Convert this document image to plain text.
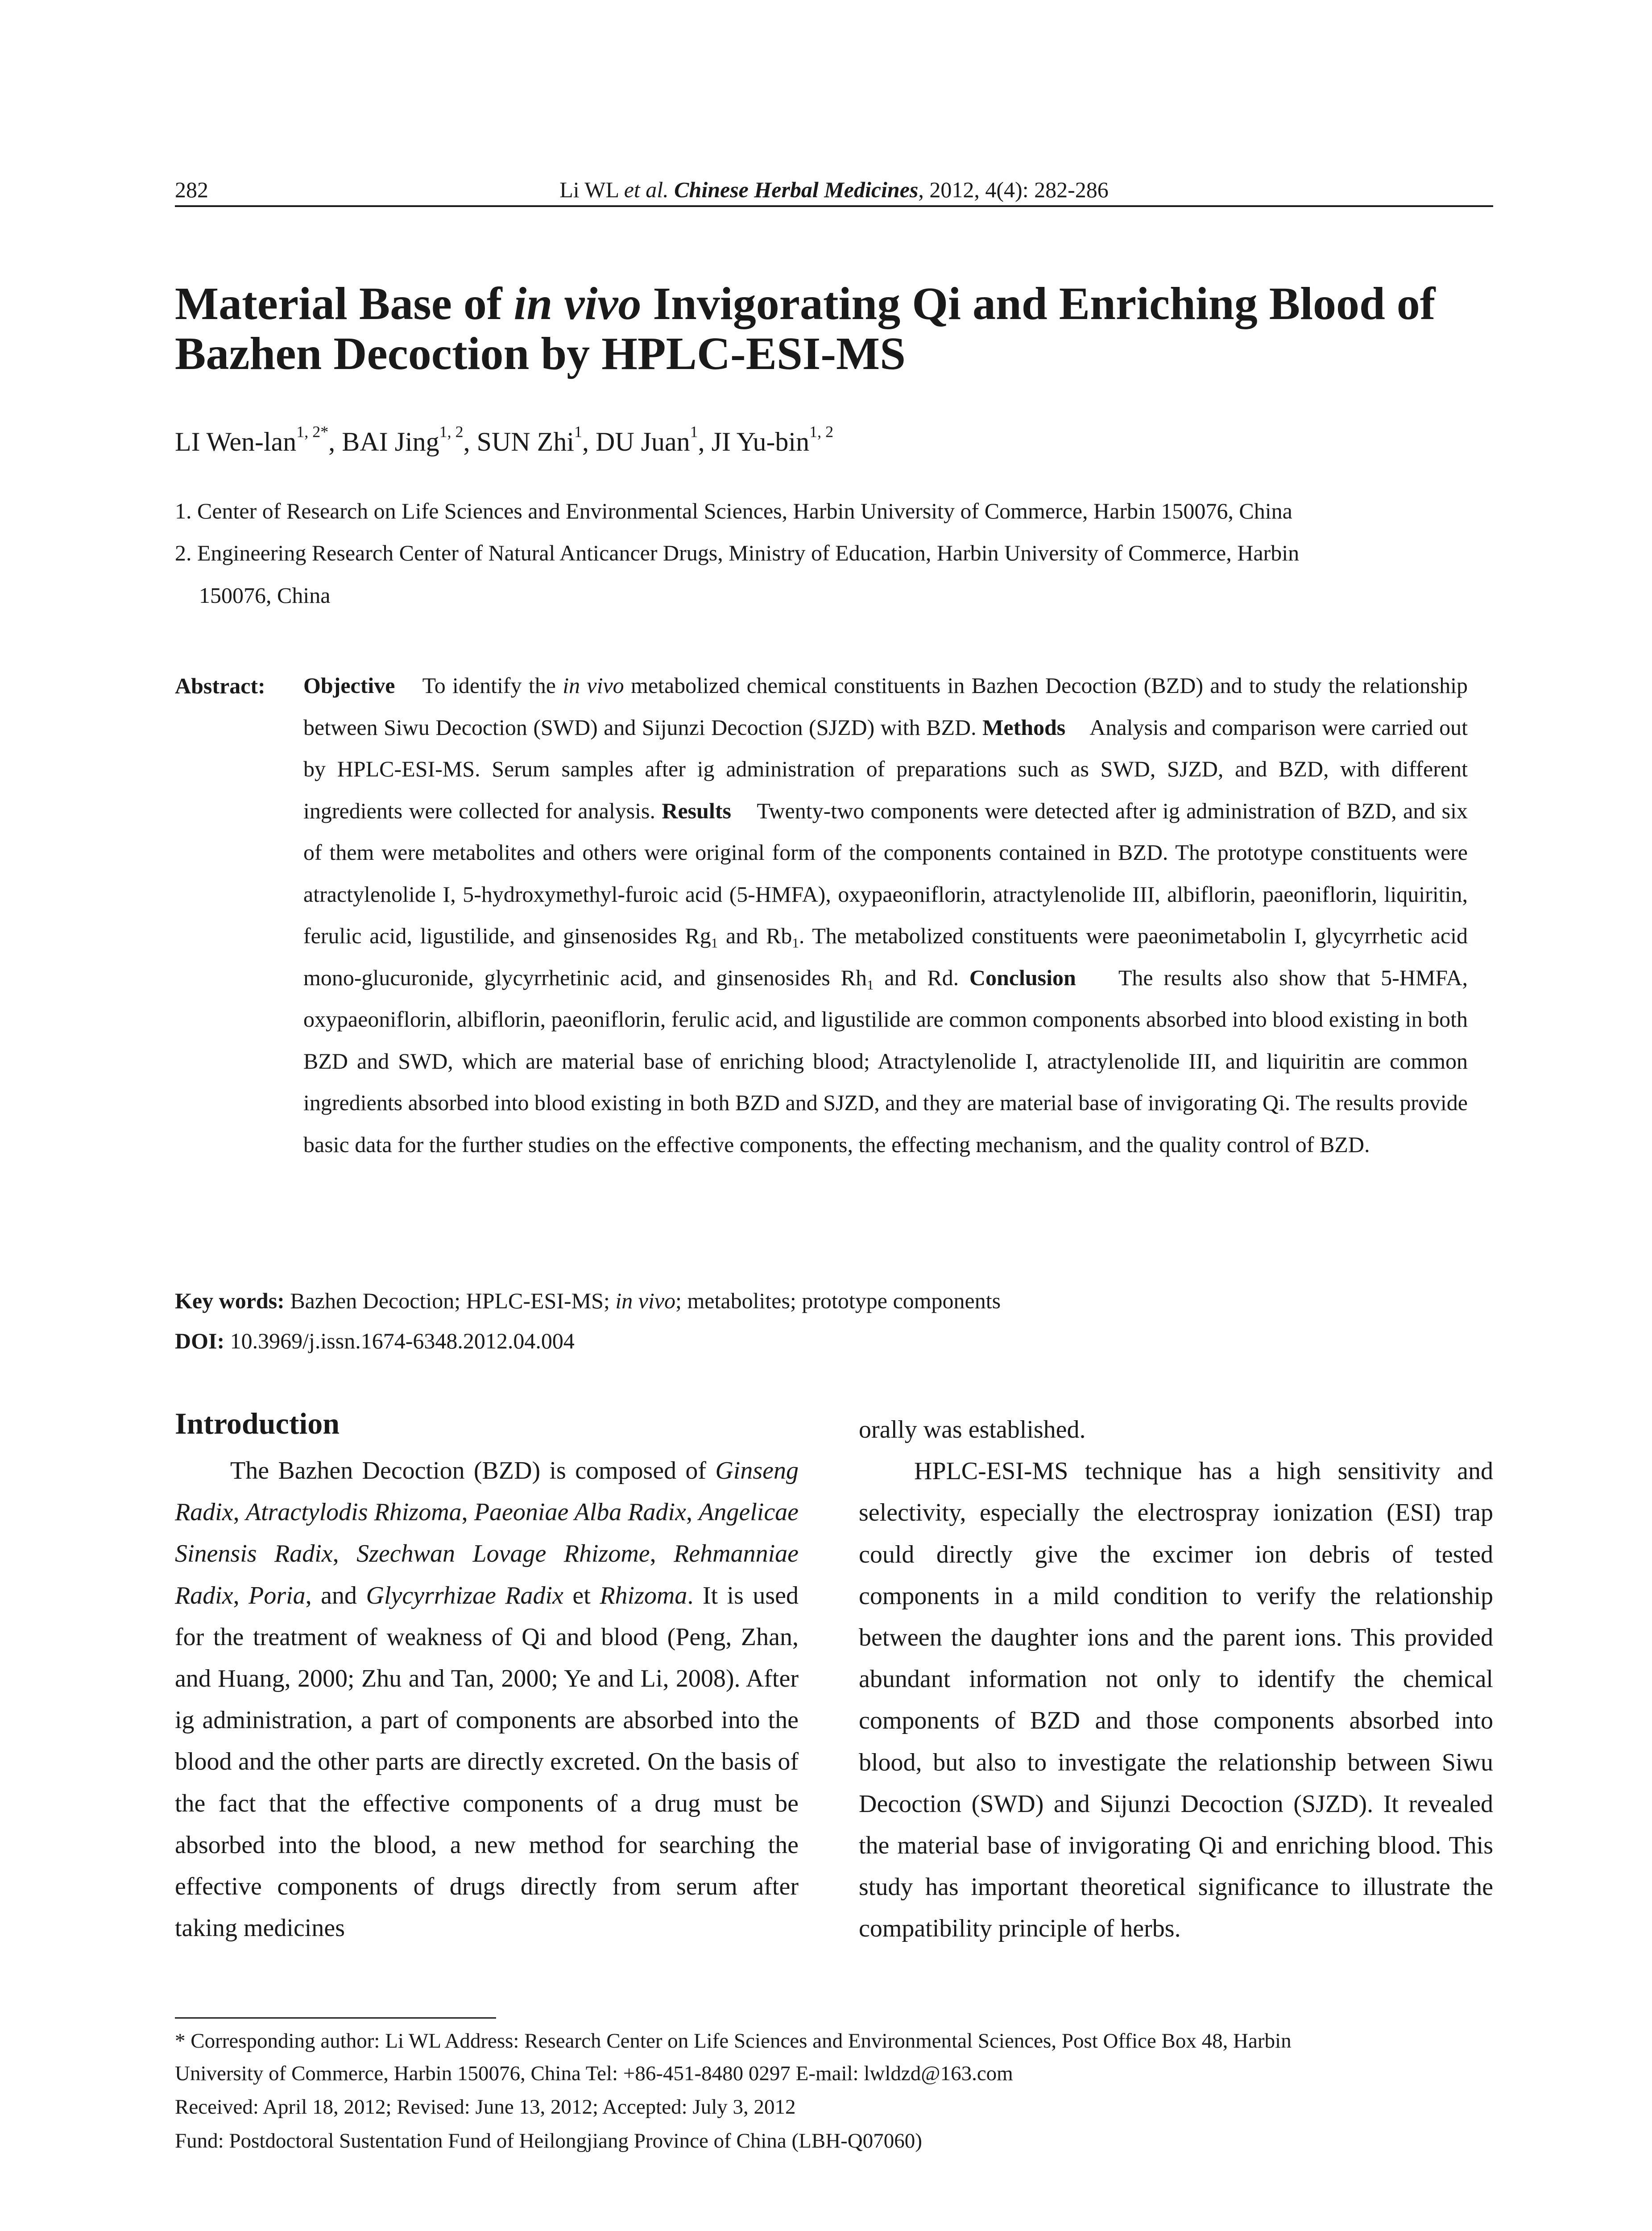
282	Li WL et al. Chinese Herbal Medicines, 2012, 4(4): 282-286
Material Base of in vivo Invigorating Qi and Enriching Blood of Bazhen Decoction by HPLC-ESI-MS
LI Wen-lan$^{1, 2*}$, BAI Jing$^{1, 2}$, SUN Zhi$^1$, DU Juan$^1$, JI Yu-bin$^{1, 2}$
1. Center of Research on Life Sciences and Environmental Sciences, Harbin University of Commerce, Harbin 150076, China
2. Engineering Research Center of Natural Anticancer Drugs, Ministry of Education, Harbin University of Commerce, Harbin
150076, China
Abstract: Objective To identify the in vivo metabolized chemical constituents in Bazhen Decoction (BZD) and to study the relationship between Siwu Decoction (SWD) and Sijunzi Decoction (SJZD) with BZD. Methods Analysis and comparison were carried out by HPLC-ESI-MS. Serum samples after ig administration of preparations such as SWD, SJZD, and BZD, with different ingredients were collected for analysis. Results Twenty-two components were detected after ig administration of BZD, and six of them were metabolites and others were original form of the components contained in BZD. The prototype constituents were atractylenolide I, 5-hydroxymethyl-furoic acid (5-HMFA), oxypaeoniflorin, atractylenolide III, albiflorin, paeoniflorin, liquiritin, ferulic acid, ligustilide, and ginsenosides $Rg_1$ and $Rb_1$. The metabolized constituents were paeonimetabolin I, glycyrrhetic acid mono-glucuronide, glycyrrhetinic acid, and ginsenosides $Rh_1$ and Rd. Conclusion The results also show that 5-HMFA, oxypaeoniflorin, albiflorin, paeoniflorin, ferulic acid, and ligustilide are common components absorbed into blood existing in both BZD and SWD, which are material base of enriching blood; Atractylenolide I, atractylenolide III, and liquiritin are common ingredients absorbed into blood existing in both BZD and SJZD, and they are material base of invigorating Qi. The results provide basic data for the further studies on the effective components, the effecting mechanism, and the quality control of BZD.
Key words: Bazhen Decoction; HPLC-ESI-MS; in vivo; metabolites; prototype components
DOI: 10.3969/j.issn.1674-6348.2012.04.004
Introduction

The Bazhen Decoction (BZD) is composed of Ginseng Radix, Atractylodis Rhizoma, Paeoniae Alba Radix, Angelicae Sinensis Radix, Szechwan Lovage Rhizome, Rehmanniae Radix, Poria, and Glycyrrhizae Radix et Rhizoma. It is used for the treatment of weakness of Qi and blood (Peng, Zhan, and Huang, 2000; Zhu and Tan, 2000; Ye and Li, 2008). After ig administration, a part of components are absorbed into the blood and the other parts are directly excreted. On the basis of the fact that the effective components of a drug must be absorbed into the blood, a new method for searching the effective components of drugs directly from serum after taking medicines

orally was established.

HPLC-ESI-MS technique has a high sensitivity and selectivity, especially the electrospray ionization (ESI) trap could directly give the excimer ion debris of tested components in a mild condition to verify the relationship between the daughter ions and the parent ions. This provided abundant information not only to identify the chemical components of BZD and those components absorbed into blood, but also to investigate the relationship between Siwu Decoction (SWD) and Sijunzi Decoction (SJZD). It revealed the material base of invigorating Qi and enriching blood. This study has important theoretical significance to illustrate the compatibility principle of herbs.

* Corresponding author: Li WL Address: Research Center on Life Sciences and Environmental Sciences, Post Office Box 48, Harbin
University of Commerce, Harbin 150076, China Tel: +86-451-8480 0297 E-mail: lwldzd@163.com
Received: April 18, 2012; Revised: June 13, 2012; Accepted: July 3, 2012
Fund: Postdoctoral Sustentation Fund of Heilongjiang Province of China (LBH-Q07060)
